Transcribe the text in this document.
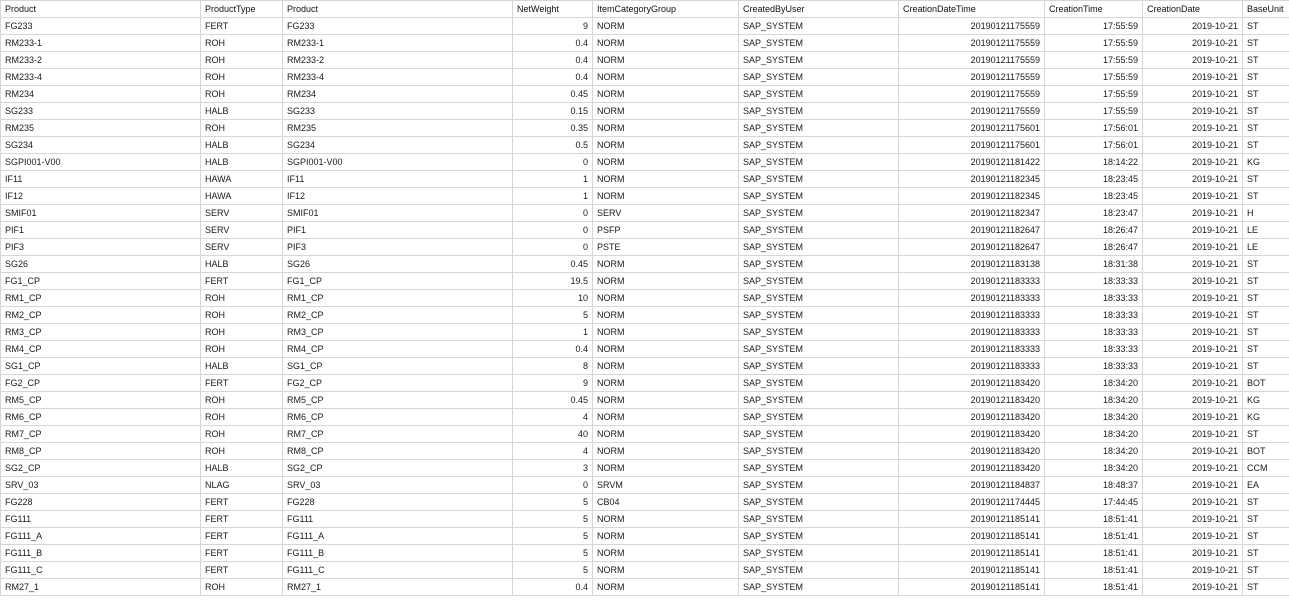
Product	ProductType	Product	NetWeight	ItemCategoryGroup	CreatedByUser	CreationDateTime	CreationTime	CreationDate	BaseUnit
FG233	FERT	FG233	9	NORM	SAP_SYSTEM	20190121175559	17:55:59	2019-10-21	ST
RM233-1	ROH	RM233-1	0.4	NORM	SAP_SYSTEM	20190121175559	17:55:59	2019-10-21	ST
RM233-2	ROH	RM233-2	0.4	NORM	SAP_SYSTEM	20190121175559	17:55:59	2019-10-21	ST
RM233-4	ROH	RM233-4	0.4	NORM	SAP_SYSTEM	20190121175559	17:55:59	2019-10-21	ST
RM234	ROH	RM234	0.45	NORM	SAP_SYSTEM	20190121175559	17:55:59	2019-10-21	ST
SG233	HALB	SG233	0.15	NORM	SAP_SYSTEM	20190121175559	17:55:59	2019-10-21	ST
RM235	ROH	RM235	0.35	NORM	SAP_SYSTEM	20190121175601	17:56:01	2019-10-21	ST
SG234	HALB	SG234	0.5	NORM	SAP_SYSTEM	20190121175601	17:56:01	2019-10-21	ST
SGPI001-V00	HALB	SGPI001-V00	0	NORM	SAP_SYSTEM	20190121181422	18:14:22	2019-10-21	KG
IF11	HAWA	IF11	1	NORM	SAP_SYSTEM	20190121182345	18:23:45	2019-10-21	ST
IF12	HAWA	IF12	1	NORM	SAP_SYSTEM	20190121182345	18:23:45	2019-10-21	ST
SMIF01	SERV	SMIF01	0	SERV	SAP_SYSTEM	20190121182347	18:23:47	2019-10-21	H
PIF1	SERV	PIF1	0	PSFP	SAP_SYSTEM	20190121182647	18:26:47	2019-10-21	LE
PIF3	SERV	PIF3	0	PSTE	SAP_SYSTEM	20190121182647	18:26:47	2019-10-21	LE
SG26	HALB	SG26	0.45	NORM	SAP_SYSTEM	20190121183138	18:31:38	2019-10-21	ST
FG1_CP	FERT	FG1_CP	19.5	NORM	SAP_SYSTEM	20190121183333	18:33:33	2019-10-21	ST
RM1_CP	ROH	RM1_CP	10	NORM	SAP_SYSTEM	20190121183333	18:33:33	2019-10-21	ST
RM2_CP	ROH	RM2_CP	5	NORM	SAP_SYSTEM	20190121183333	18:33:33	2019-10-21	ST
RM3_CP	ROH	RM3_CP	1	NORM	SAP_SYSTEM	20190121183333	18:33:33	2019-10-21	ST
RM4_CP	ROH	RM4_CP	0.4	NORM	SAP_SYSTEM	20190121183333	18:33:33	2019-10-21	ST
SG1_CP	HALB	SG1_CP	8	NORM	SAP_SYSTEM	20190121183333	18:33:33	2019-10-21	ST
FG2_CP	FERT	FG2_CP	9	NORM	SAP_SYSTEM	20190121183420	18:34:20	2019-10-21	BOT
RM5_CP	ROH	RM5_CP	0.45	NORM	SAP_SYSTEM	20190121183420	18:34:20	2019-10-21	KG
RM6_CP	ROH	RM6_CP	4	NORM	SAP_SYSTEM	20190121183420	18:34:20	2019-10-21	KG
RM7_CP	ROH	RM7_CP	40	NORM	SAP_SYSTEM	20190121183420	18:34:20	2019-10-21	ST
RM8_CP	ROH	RM8_CP	4	NORM	SAP_SYSTEM	20190121183420	18:34:20	2019-10-21	BOT
SG2_CP	HALB	SG2_CP	3	NORM	SAP_SYSTEM	20190121183420	18:34:20	2019-10-21	CCM
SRV_03	NLAG	SRV_03	0	SRVM	SAP_SYSTEM	20190121184837	18:48:37	2019-10-21	EA
FG228	FERT	FG228	5	CB04	SAP_SYSTEM	20190121174445	17:44:45	2019-10-21	ST
FG111	FERT	FG111	5	NORM	SAP_SYSTEM	20190121185141	18:51:41	2019-10-21	ST
FG111_A	FERT	FG111_A	5	NORM	SAP_SYSTEM	20190121185141	18:51:41	2019-10-21	ST
FG111_B	FERT	FG111_B	5	NORM	SAP_SYSTEM	20190121185141	18:51:41	2019-10-21	ST
FG111_C	FERT	FG111_C	5	NORM	SAP_SYSTEM	20190121185141	18:51:41	2019-10-21	ST
RM27_1	ROH	RM27_1	0.4	NORM	SAP_SYSTEM	20190121185141	18:51:41	2019-10-21	ST
